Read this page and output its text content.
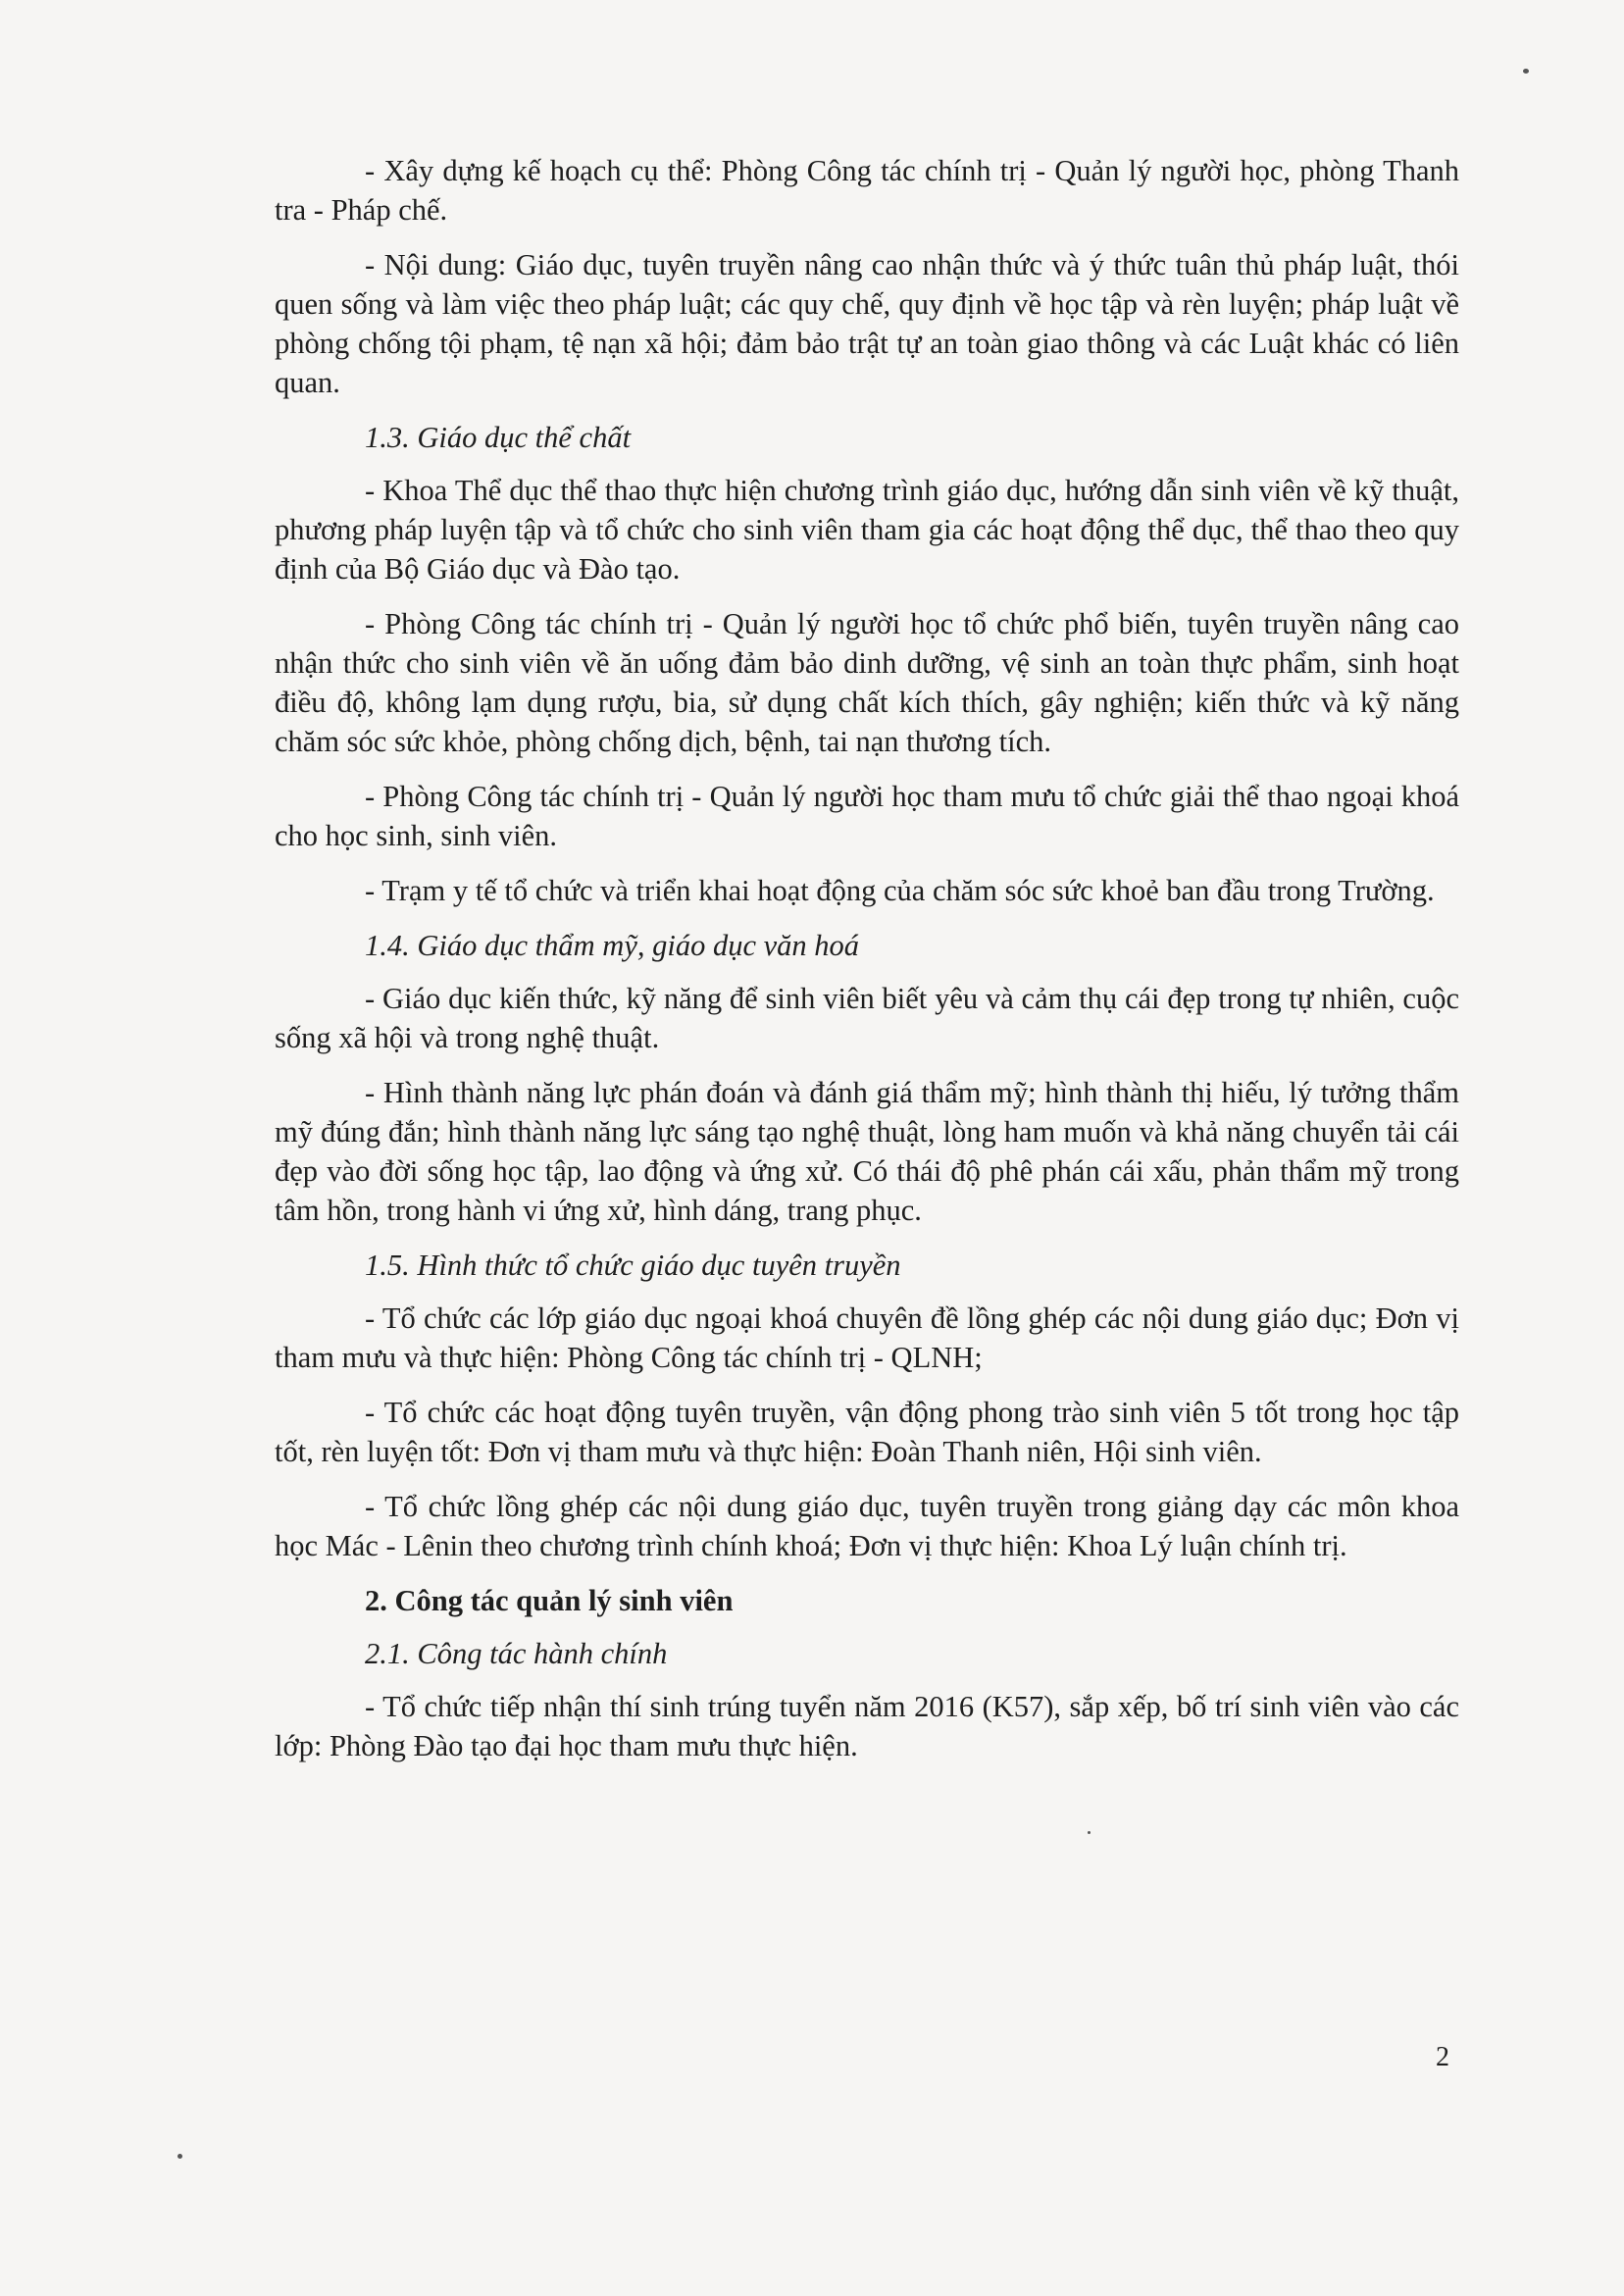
- Xây dựng kế hoạch cụ thể: Phòng Công tác chính trị - Quản lý người học, phòng Thanh tra - Pháp chế.

- Nội dung: Giáo dục, tuyên truyền nâng cao nhận thức và ý thức tuân thủ pháp luật, thói quen sống và làm việc theo pháp luật; các quy chế, quy định về học tập và rèn luyện; pháp luật về phòng chống tội phạm, tệ nạn xã hội; đảm bảo trật tự an toàn giao thông và các Luật khác có liên quan.

1.3. Giáo dục thể chất

- Khoa Thể dục thể thao thực hiện chương trình giáo dục, hướng dẫn sinh viên về kỹ thuật, phương pháp luyện tập và tổ chức cho sinh viên tham gia các hoạt động thể dục, thể thao theo quy định của Bộ Giáo dục và Đào tạo.

- Phòng Công tác chính trị - Quản lý người học tổ chức phổ biến, tuyên truyền nâng cao nhận thức cho sinh viên về ăn uống đảm bảo dinh dưỡng, vệ sinh an toàn thực phẩm, sinh hoạt điều độ, không lạm dụng rượu, bia, sử dụng chất kích thích, gây nghiện; kiến thức và kỹ năng chăm sóc sức khỏe, phòng chống dịch, bệnh, tai nạn thương tích.

- Phòng Công tác chính trị - Quản lý người học tham mưu tổ chức giải thể thao ngoại khoá cho học sinh, sinh viên.

- Trạm y tế tổ chức và triển khai hoạt động của chăm sóc sức khoẻ ban đầu trong Trường.

1.4. Giáo dục thẩm mỹ, giáo dục văn hoá

- Giáo dục kiến thức, kỹ năng để sinh viên biết yêu và cảm thụ cái đẹp trong tự nhiên, cuộc sống xã hội và trong nghệ thuật.

- Hình thành năng lực phán đoán và đánh giá thẩm mỹ; hình thành thị hiếu, lý tưởng thẩm mỹ đúng đắn; hình thành năng lực sáng tạo nghệ thuật, lòng ham muốn và khả năng chuyển tải cái đẹp vào đời sống học tập, lao động và ứng xử. Có thái độ phê phán cái xấu, phản thẩm mỹ trong tâm hồn, trong hành vi ứng xử, hình dáng, trang phục.

1.5. Hình thức tổ chức giáo dục tuyên truyền

- Tổ chức các lớp giáo dục ngoại khoá chuyên đề lồng ghép các nội dung giáo dục; Đơn vị tham mưu và thực hiện: Phòng Công tác chính trị - QLNH;

- Tổ chức các hoạt động tuyên truyền, vận động phong trào sinh viên 5 tốt trong học tập tốt, rèn luyện tốt: Đơn vị tham mưu và thực hiện: Đoàn Thanh niên, Hội sinh viên.

- Tổ chức lồng ghép các nội dung giáo dục, tuyên truyền trong giảng dạy các môn khoa học Mác - Lênin theo chương trình chính khoá; Đơn vị thực hiện: Khoa Lý luận chính trị.

2. Công tác quản lý sinh viên

2.1. Công tác hành chính

- Tổ chức tiếp nhận thí sinh trúng tuyển năm 2016 (K57), sắp xếp, bố trí sinh viên vào các lớp: Phòng Đào tạo đại học tham mưu thực hiện.

2
